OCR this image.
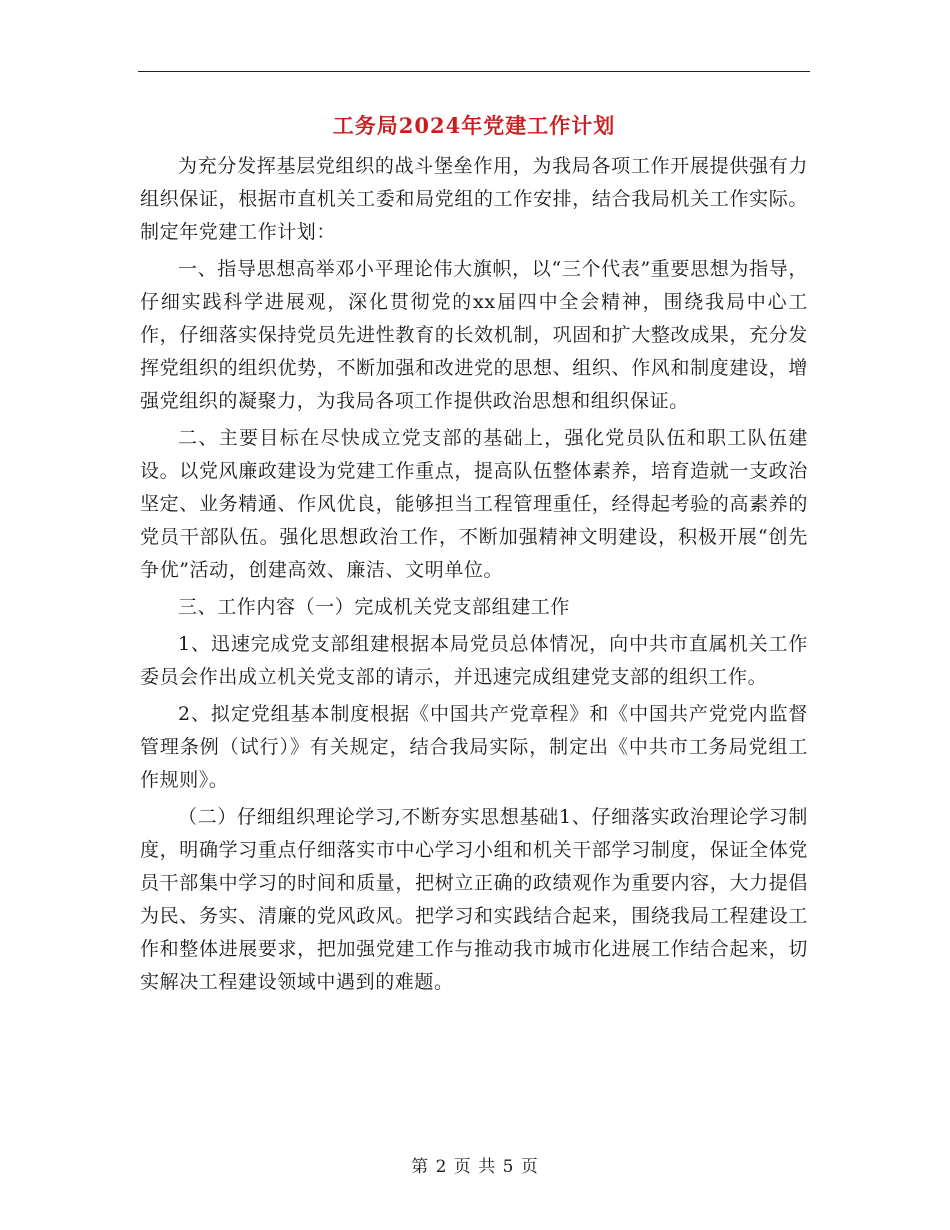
工务局2024年党建工作计划

为充分发挥基层党组织的战斗堡垒作用，为我局各项工作开展提供强有力组织保证，根据市直机关工委和局党组的工作安排，结合我局机关工作实际。制定年党建工作计划：

一、指导思想高举邓小平理论伟大旗帜，以“三个代表”重要思想为指导，仔细实践科学进展观，深化贯彻党的xx届四中全会精神，围绕我局中心工作，仔细落实保持党员先进性教育的长效机制，巩固和扩大整改成果，充分发挥党组织的组织优势，不断加强和改进党的思想、组织、作风和制度建设，增强党组织的凝聚力，为我局各项工作提供政治思想和组织保证。

二、主要目标在尽快成立党支部的基础上，强化党员队伍和职工队伍建设。以党风廉政建设为党建工作重点，提高队伍整体素养，培育造就一支政治坚定、业务精通、作风优良，能够担当工程管理重任，经得起考验的高素养的党员干部队伍。强化思想政治工作，不断加强精神文明建设，积极开展“创先争优”活动，创建高效、廉洁、文明单位。

三、工作内容（一）完成机关党支部组建工作

1、迅速完成党支部组建根据本局党员总体情况，向中共市直属机关工作委员会作出成立机关党支部的请示，并迅速完成组建党支部的组织工作。

2、拟定党组基本制度根据《中国共产党章程》和《中国共产党党内监督管理条例（试行）》有关规定，结合我局实际，制定出《中共市工务局党组工作规则》。

（二）仔细组织理论学习,不断夯实思想基础1、仔细落实政治理论学习制度，明确学习重点仔细落实市中心学习小组和机关干部学习制度，保证全体党员干部集中学习的时间和质量，把树立正确的政绩观作为重要内容，大力提倡为民、务实、清廉的党风政风。把学习和实践结合起来，围绕我局工程建设工作和整体进展要求，把加强党建工作与推动我市城市化进展工作结合起来，切实解决工程建设领域中遇到的难题。

第 2 页 共 5 页
